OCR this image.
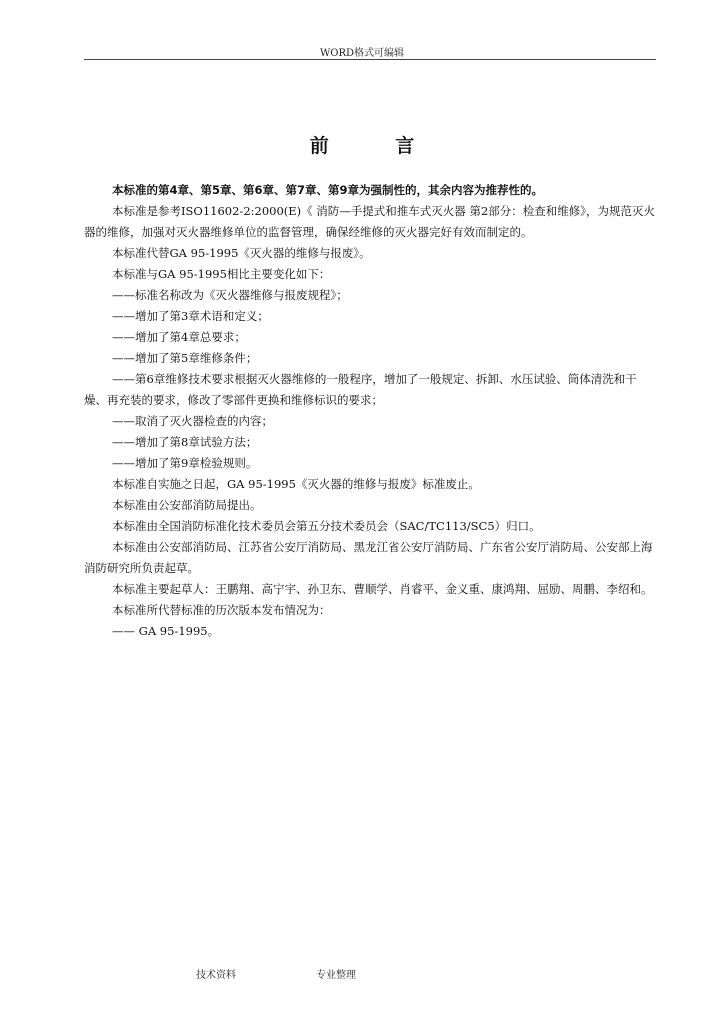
WORD格式可编辑
前 言

本标准的第4章、第5章、第6章、第7章、第9章为强制性的，其余内容为推荐性的。

本标准是参考ISO11602-2:2000(E)《 消防—手提式和推车式灭火器 第2部分：检查和维修》，为规范灭火器的维修，加强对灭火器维修单位的监督管理，确保经维修的灭火器完好有效而制定的。

本标准代替GA 95-1995《灭火器的维修与报废》。

本标准与GA 95-1995相比主要变化如下：

——标准名称改为《灭火器维修与报废规程》；

——增加了第3章术语和定义；

——增加了第4章总要求；

——增加了第5章维修条件；

——第6章维修技术要求根据灭火器维修的一般程序，增加了一般规定、拆卸、水压试验、筒体清洗和干燥、再充装的要求，修改了零部件更换和维修标识的要求；

——取消了灭火器检查的内容；

——增加了第8章试验方法；

——增加了第9章检验规则。

本标准自实施之日起，GA 95-1995《灭火器的维修与报废》标准废止。

本标准由公安部消防局提出。

本标准由全国消防标准化技术委员会第五分技术委员会（SAC/TC113/SC5）归口。

本标准由公安部消防局、江苏省公安厅消防局、黑龙江省公安厅消防局、广东省公安厅消防局、公安部上海消防研究所负责起草。

本标准主要起草人：王鹏翔、高宁宇、孙卫东、曹顺学、肖睿平、金义重、康鸿翔、屈励、周鹏、李绍和。

本标准所代替标准的历次版本发布情况为：

—— GA 95-1995。

技术资料	专业整理
